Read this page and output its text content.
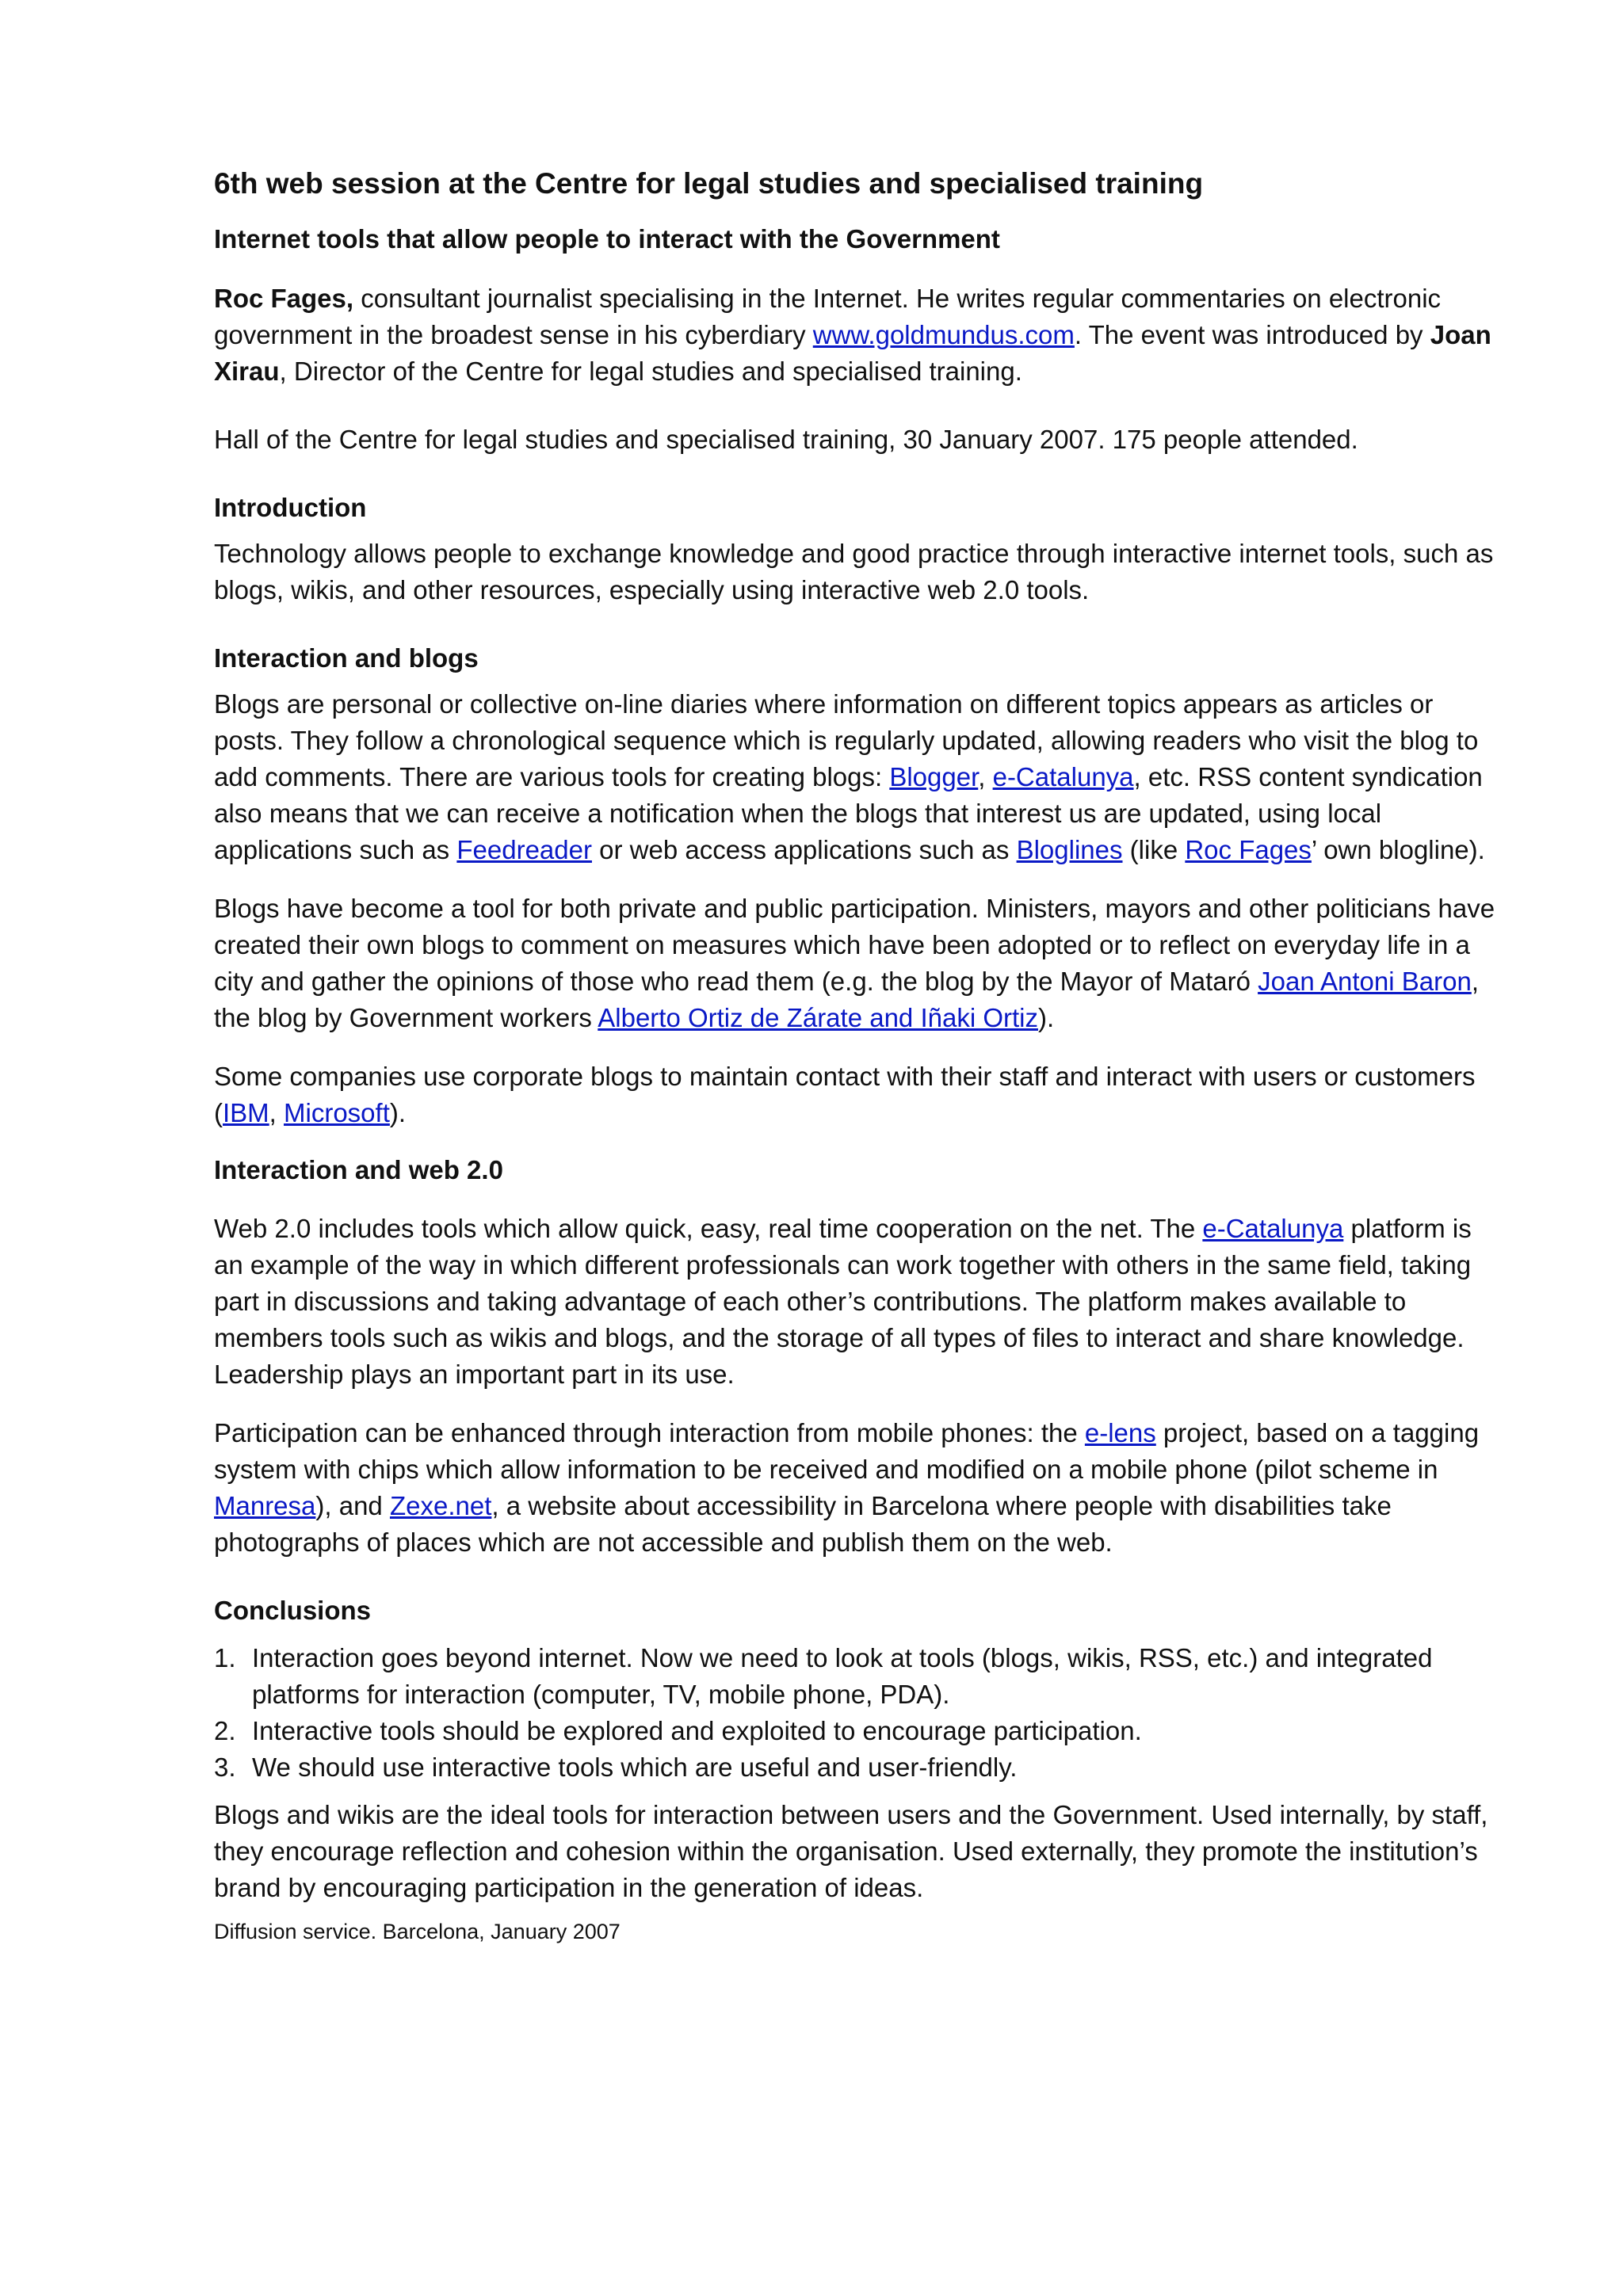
6th web session at the Centre for legal studies and specialised training
Internet tools that allow people to interact with the Government

Roc Fages, consultant journalist specialising in the Internet. He writes regular commentaries on electronic government in the broadest sense in his cyberdiary www.goldmundus.com. The event was introduced by Joan Xirau, Director of the Centre for legal studies and specialised training.

Hall of the Centre for legal studies and specialised training, 30 January 2007. 175 people attended.

Introduction

Technology allows people to exchange knowledge and good practice through interactive internet tools, such as blogs, wikis, and other resources, especially using interactive web 2.0 tools.

Interaction and blogs

Blogs are personal or collective on-line diaries where information on different topics appears as articles or posts. They follow a chronological sequence which is regularly updated, allowing readers who visit the blog to add comments. There are various tools for creating blogs: Blogger, e-Catalunya, etc. RSS content syndication also means that we can receive a notification when the blogs that interest us are updated, using local applications such as Feedreader or web access applications such as Bloglines (like Roc Fages’ own blogline).

Blogs have become a tool for both private and public participation. Ministers, mayors and other politicians have created their own blogs to comment on measures which have been adopted or to reflect on everyday life in a city and gather the opinions of those who read them (e.g. the blog by the Mayor of Mataró Joan Antoni Baron, the blog by Government workers Alberto Ortiz de Zárate and Iñaki Ortiz).

Some companies use corporate blogs to maintain contact with their staff and interact with users or customers (IBM, Microsoft).

Interaction and web 2.0

Web 2.0 includes tools which allow quick, easy, real time cooperation on the net. The e-Catalunya platform is an example of the way in which different professionals can work together with others in the same field, taking part in discussions and taking advantage of each other’s contributions. The platform makes available to members tools such as wikis and blogs, and the storage of all types of files to interact and share knowledge. Leadership plays an important part in its use.

Participation can be enhanced through interaction from mobile phones: the e-lens project, based on a tagging system with chips which allow information to be received and modified on a mobile phone (pilot scheme in Manresa), and Zexe.net, a website about accessibility in Barcelona where people with disabilities take photographs of places which are not accessible and publish them on the web.

Conclusions
1. Interaction goes beyond internet. Now we need to look at tools (blogs, wikis, RSS, etc.) and integrated platforms for interaction (computer, TV, mobile phone, PDA).
2. Interactive tools should be explored and exploited to encourage participation.
3. We should use interactive tools which are useful and user-friendly.

Blogs and wikis are the ideal tools for interaction between users and the Government. Used internally, by staff, they encourage reflection and cohesion within the organisation. Used externally, they promote the institution’s brand by encouraging participation in the generation of ideas.

Diffusion service. Barcelona, January 2007
